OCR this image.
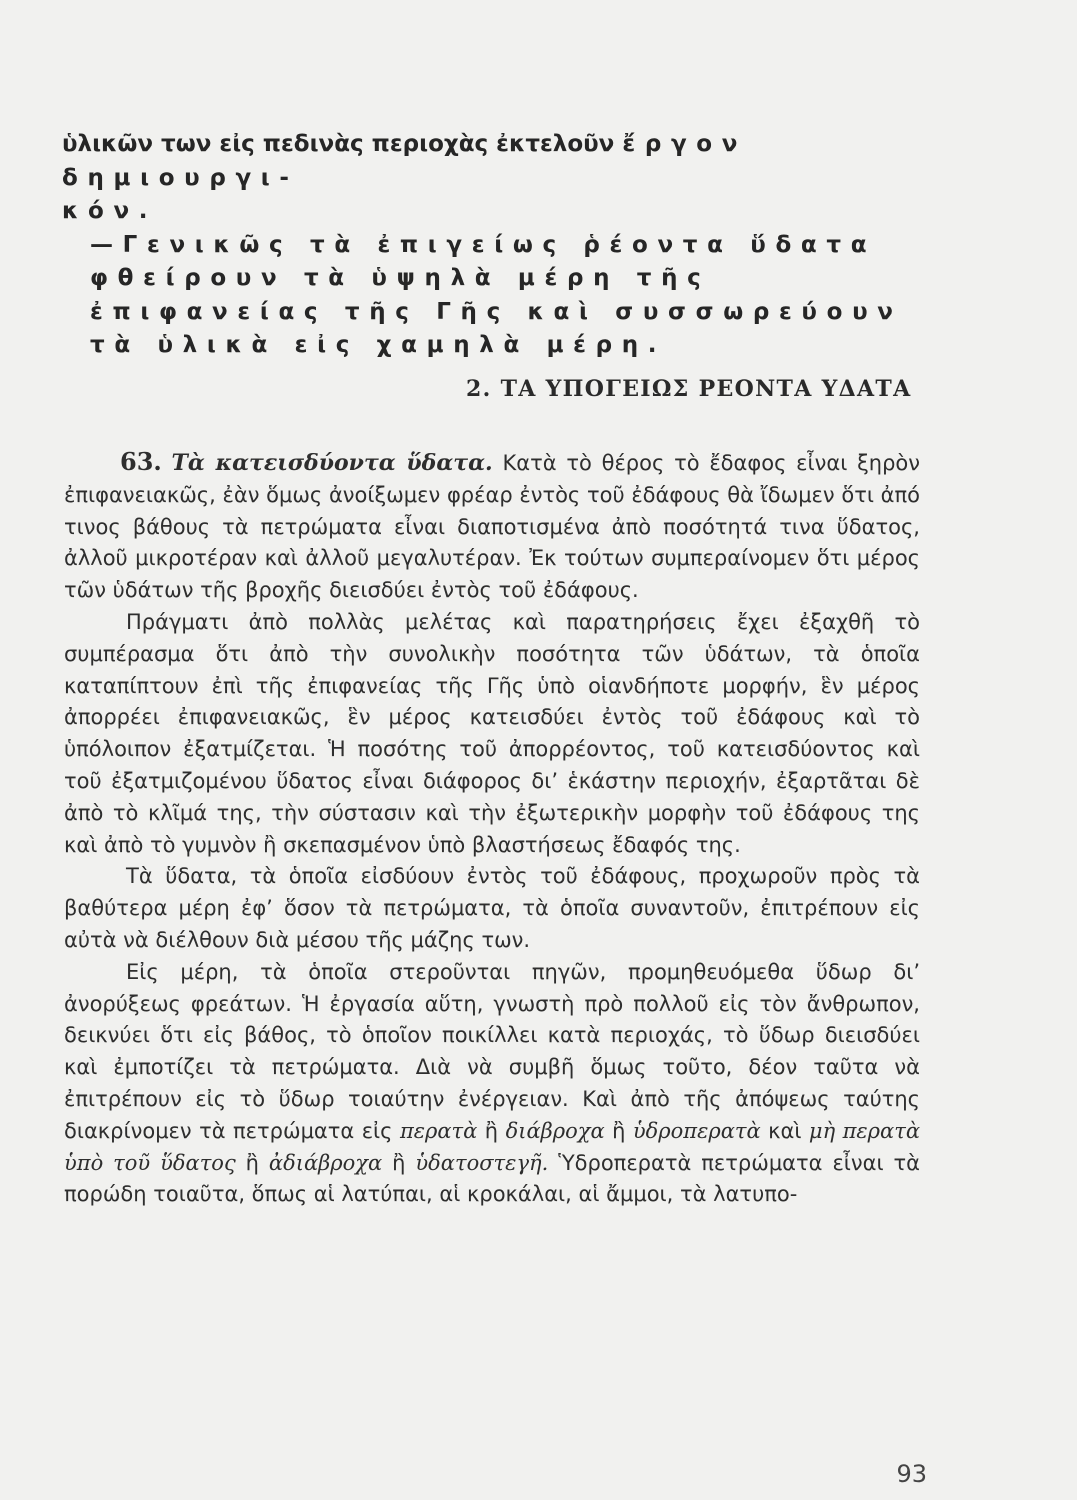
ὑλικῶν των εἰς πεδινὰς περιοχὰς ἐκτελοῦν ἔργον δημιουργι-
κόν.

—Γενικῶς τὰ ἐπιγείως ῥέοντα ὕδατα φθείρουν τὰ ὑψηλὰ μέρη τῆς ἐπιφανείας τῆς Γῆς καὶ συσσωρεύουν τὰ ὑλικὰ εἰς χαμηλὰ μέρη.

2. ΤΑ ΥΠΟΓΕΙΩΣ ΡΕΟΝΤΑ ΥΔΑΤΑ

63. Τὰ κατεισδύοντα ὕδατα. Κατὰ τὸ θέρος τὸ ἔδαφος εἶναι ξηρὸν ἐπιφανειακῶς, ἐὰν ὅμως ἀνοίξωμεν φρέαρ ἐντὸς τοῦ ἐδάφους θὰ ἴδωμεν ὅτι ἀπό τινος βάθους τὰ πετρώματα εἶναι διαποτισμένα ἀπὸ ποσότητά τινα ὕδατος, ἀλλοῦ μικροτέραν καὶ ἀλλοῦ μεγαλυτέραν. Ἐκ τούτων συμπεραίνομεν ὅτι μέρος τῶν ὑδάτων τῆς βροχῆς διεισδύει ἐντὸς τοῦ ἐδάφους.

Πράγματι ἀπὸ πολλὰς μελέτας καὶ παρατηρήσεις ἔχει ἐξαχθῆ τὸ συμπέρασμα ὅτι ἀπὸ τὴν συνολικὴν ποσότητα τῶν ὑδάτων, τὰ ὁποῖα καταπίπτουν ἐπὶ τῆς ἐπιφανείας τῆς Γῆς ὑπὸ οἱανδήποτε μορφήν, ἓν μέρος ἀπορρέει ἐπιφανειακῶς, ἓν μέρος κατεισδύει ἐντὸς τοῦ ἐδάφους καὶ τὸ ὑπόλοιπον ἐξατμίζεται. Ἡ ποσότης τοῦ ἀπορρέοντος, τοῦ κατεισδύοντος καὶ τοῦ ἐξατμιζομένου ὕδατος εἶναι διάφορος δι’ ἑκάστην περιοχήν, ἐξαρτᾶται δὲ ἀπὸ τὸ κλῖμά της, τὴν σύστασιν καὶ τὴν ἐξωτερικὴν μορφὴν τοῦ ἐδάφους της καὶ ἀπὸ τὸ γυμνὸν ἢ σκεπασμένον ὑπὸ βλαστήσεως ἔδαφός της.

Τὰ ὕδατα, τὰ ὁποῖα εἰσδύουν ἐντὸς τοῦ ἐδάφους, προχωροῦν πρὸς τὰ βαθύτερα μέρη ἐφ’ ὅσον τὰ πετρώματα, τὰ ὁποῖα συναντοῦν, ἐπιτρέπουν εἰς αὐτὰ νὰ διέλθουν διὰ μέσου τῆς μάζης των.

Εἰς μέρη, τὰ ὁποῖα στεροῦνται πηγῶν, προμηθευόμεθα ὕδωρ δι’ ἀνορύξεως φρεάτων. Ἡ ἐργασία αὕτη, γνωστὴ πρὸ πολλοῦ εἰς τὸν ἄνθρωπον, δεικνύει ὅτι εἰς βάθος, τὸ ὁποῖον ποικίλλει κατὰ περιοχάς, τὸ ὕδωρ διεισδύει καὶ ἐμποτίζει τὰ πετρώματα. Διὰ νὰ συμβῆ ὅμως τοῦτο, δέον ταῦτα νὰ ἐπιτρέπουν εἰς τὸ ὕδωρ τοιαύτην ἐνέργειαν. Καὶ ἀπὸ τῆς ἀπόψεως ταύτης διακρίνομεν τὰ πετρώματα εἰς περατὰ ἢ διάβροχα ἢ ὑδροπερατὰ καὶ μὴ περατὰ ὑπὸ τοῦ ὕδατος ἢ ἀδιάβροχα ἢ ὑδατοστεγῆ. Ὑδροπερατὰ πετρώματα εἶναι τὰ πορώδη τοιαῦτα, ὅπως αἱ λατύπαι, αἱ κροκάλαι, αἱ ἄμμοι, τὰ λατυπο-

93
